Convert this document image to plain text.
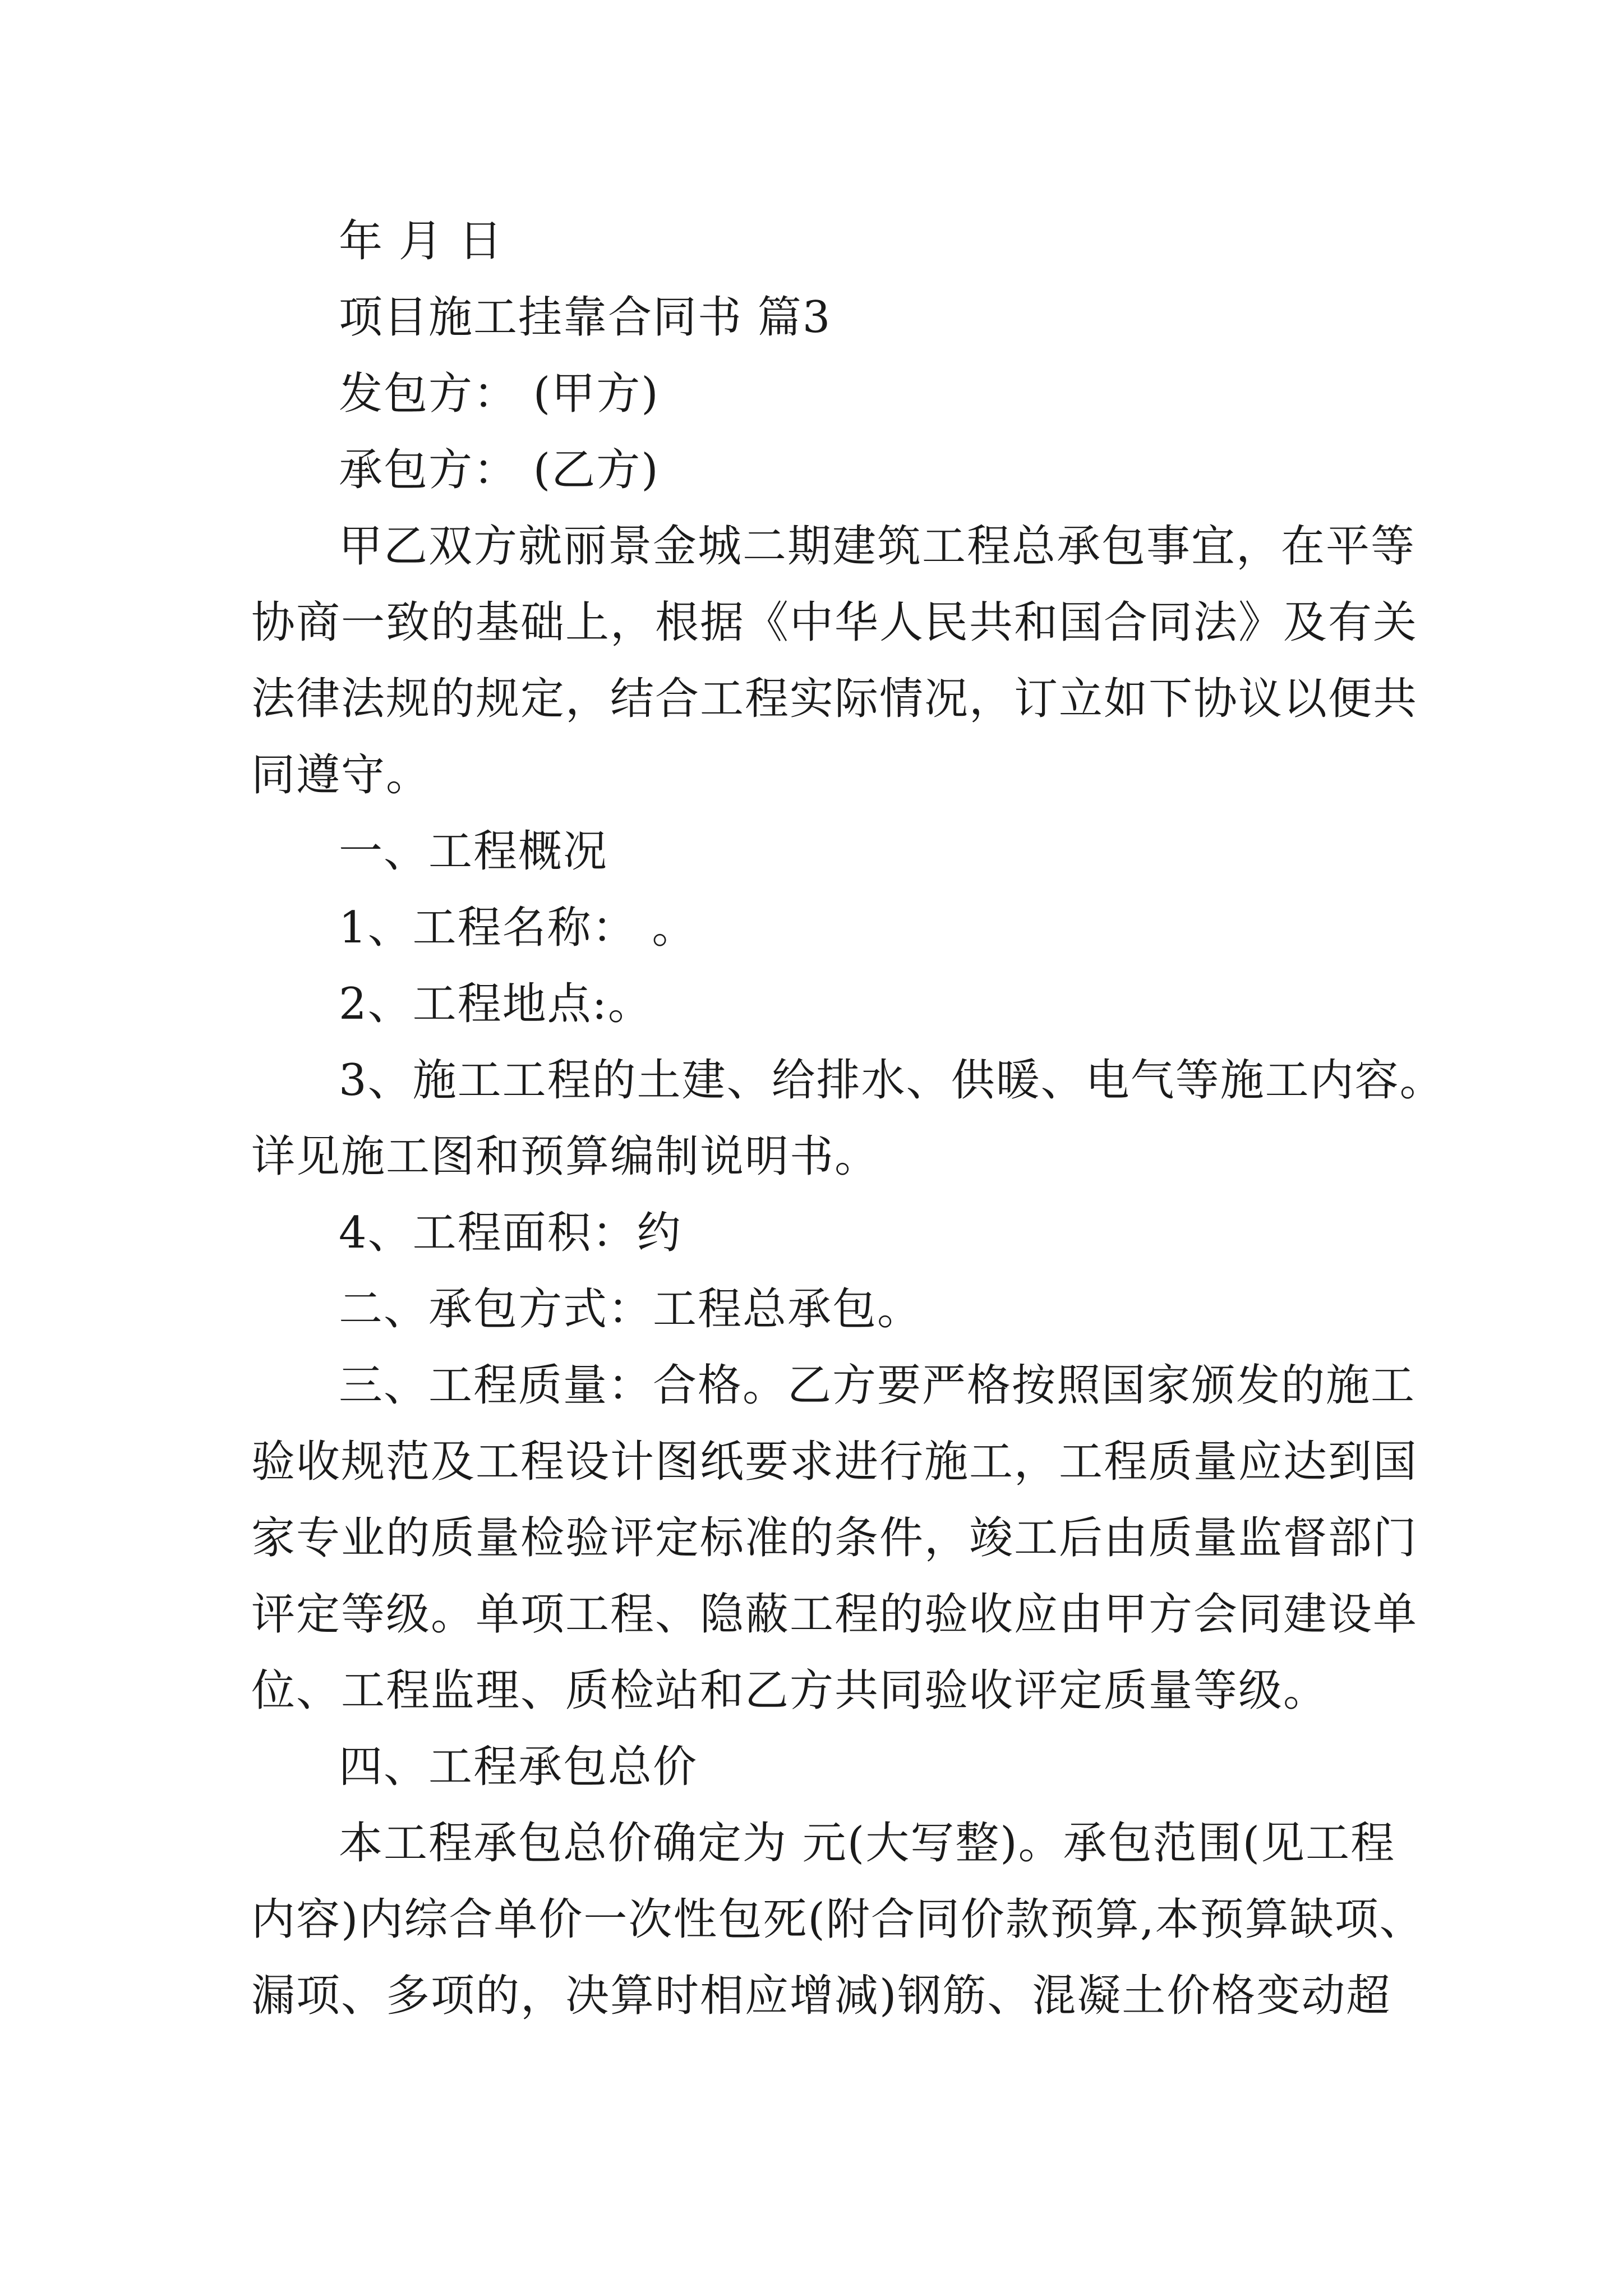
年 月 日
项目施工挂靠合同书 篇3
发包方： (甲方)
承包方： (乙方)
甲乙双方就丽景金城二期建筑工程总承包事宜，在平等
协商一致的基础上，根据《中华人民共和国合同法》及有关
法律法规的规定，结合工程实际情况，订立如下协议以便共
同遵守。
一、工程概况
1、工程名称： 。
2、工程地点:。
3、施工工程的土建、给排水、供暖、电气等施工内容。
详见施工图和预算编制说明书。
4、工程面积：约
二、承包方式：工程总承包。
三、工程质量：合格。乙方要严格按照国家颁发的施工
验收规范及工程设计图纸要求进行施工，工程质量应达到国
家专业的质量检验评定标准的条件，竣工后由质量监督部门
评定等级。单项工程、隐蔽工程的验收应由甲方会同建设单
位、工程监理、质检站和乙方共同验收评定质量等级。
四、工程承包总价
本工程承包总价确定为 元(大写整)。承包范围(见工程
内容)内综合单价一次性包死(附合同价款预算,本预算缺项、
漏项、多项的，决算时相应增减)钢筋、混凝土价格变动超
